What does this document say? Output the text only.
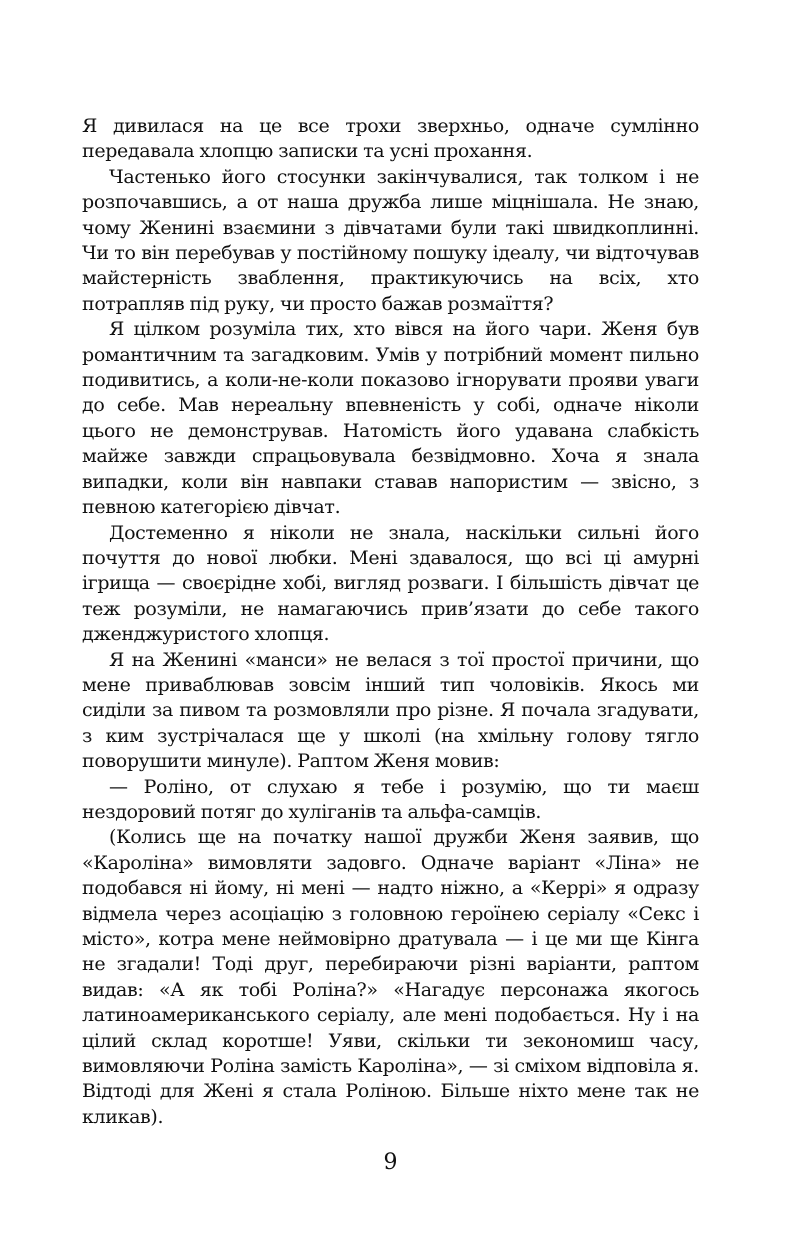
Я дивилася на це все трохи зверхньо, одначе сумлінно передавала хлопцю записки та усні прохання.

Частенько його стосунки закінчувалися, так толком і не розпочавшись, а от наша дружба лише міцнішала. Не знаю, чому Женині взаємини з дівчатами були такі швидкоплинні. Чи то він перебував у постійному пошуку ідеалу, чи відточував майстерність зваблення, практикуючись на всіх, хто потрапляв під руку, чи просто бажав розмаїття?

Я цілком розуміла тих, хто вівся на його чари. Женя був романтичним та загадковим. Умів у потрібний момент пильно подивитись, а коли-не-коли показово ігнорувати прояви уваги до себе. Мав нереальну впевненість у собі, одначе ніколи цього не демонстрував. Натомість його удавана слабкість майже завжди спрацьовувала безвідмовно. Хоча я знала випадки, коли він навпаки ставав напористим — звісно, з певною категорією дівчат.

Достеменно я ніколи не знала, наскільки сильні його почуття до нової любки. Мені здавалося, що всі ці амурні ігрища — своєрідне хобі, вигляд розваги. І більшість дівчат це теж розуміли, не намагаючись прив’язати до себе такого дженджуристого хлопця.

Я на Женині «манси» не велася з тої простої причини, що мене приваблював зовсім інший тип чоловіків. Якось ми сиділи за пивом та розмовляли про різне. Я почала згадувати, з ким зустрічалася ще у школі (на хмільну голову тягло поворушити минуле). Раптом Женя мовив:

— Роліно, от слухаю я тебе і розумію, що ти маєш нездоровий потяг до хуліганів та альфа-самців.

(Колись ще на початку нашої дружби Женя заявив, що «Кароліна» вимовляти задовго. Одначе варіант «Ліна» не подобався ні йому, ні мені — надто ніжно, а «Керрі» я одразу відмела через асоціацію з головною героїнею серіалу «Секс і місто», котра мене неймовірно дратувала — і це ми ще Кінга не згадали! Тоді друг, перебираючи різні варіанти, раптом видав: «А як тобі Роліна?» «Нагадує персонажа якогось латиноамериканського серіалу, але мені подобається. Ну і на цілий склад коротше! Уяви, скільки ти зекономиш часу, вимовляючи Роліна замість Кароліна», — зі сміхом відповіла я. Відтоді для Жені я стала Роліною. Більше ніхто мене так не кликав).

9
